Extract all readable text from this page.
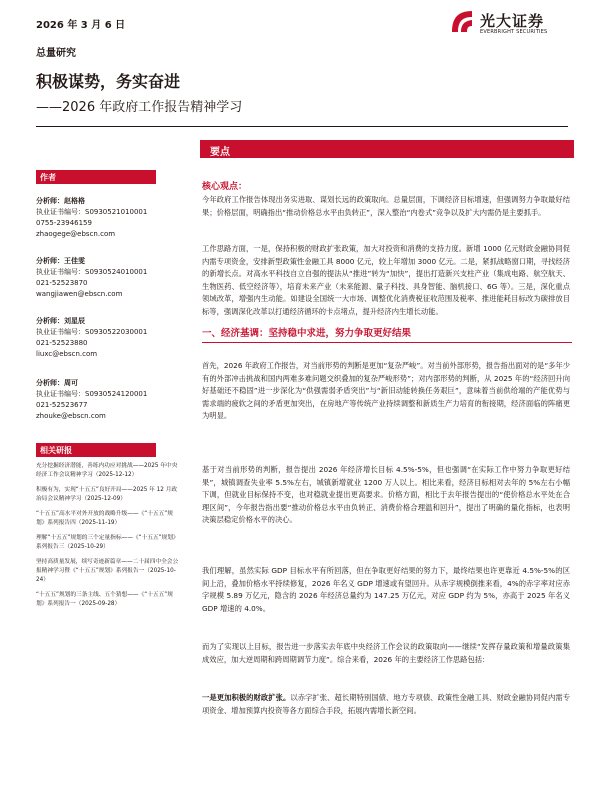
2026 年 3 月 6 日	光大证券
EVERBRIGHT SECURITIES
总量研究
积极谋势，务实奋进
——2026 年政府工作报告精神学习
要点
作者
分析师：赵格格
执业证书编号：S0930521010001
0755-23946159
zhaogege@ebscn.com
分析师：王佳雯
执业证书编号：S0930524010001
021-52523870
wangjiawen@ebscn.com
分析师：刘星辰
执业证书编号：S0930522030001
021-52523880
liuxc@ebscn.com
分析师：周可
执业证书编号：S0930524120001
021-52523677
zhouke@ebscn.com
相关研报
充分挖掘经济潜能，善练内功应对挑战——2025 年中央经济工作会议精神学习（2025-12-12）
积极有为，实现“十五五”良好开局——2025 年 12 月政治局会议精神学习（2025-12-09）
“十五五”高水平对外开放的战略升级——《“十五五”规划》系列报告四（2025-11-19）
理解“十五五”规划的三个定量指标——《“十五五”规划》系列报告三（2025-10-29）
坚持高质量发展，续写奇迹新篇章——二十届四中全会公报精神学习暨《“十五五”规划》系列报告一（2025-10-24）
“十五五”规划的三条主线、五个猜想——《“十五五”规划》系列报告一（2025-09-28）
核心观点：

今年政府工作报告体现出务实进取、谋划长远的政策取向。总量层面，下调经济目标增速，但强调努力争取最好结果；价格层面，明确指出“推动价格总水平由负转正”，深入整治“内卷式”竞争以及扩大内需仍是主要抓手。

工作思路方面，一是，保持积极的财政扩张政策，加大对投资和消费的支持力度。新增 1000 亿元财政金融协同促内需专项资金，安排新型政策性金融工具 8000 亿元，较上年增加 3000 亿元。二是，紧抓战略窗口期，寻找经济的新增长点。对高水平科技自立自强的提法从“推进”转为“加快”，提出打造新兴支柱产业（集成电路、航空航天、生物医药、低空经济等），培育未来产业（未来能源、量子科技、具身智能、脑机接口、6G 等）。三是，深化重点领域改革，增强内生动能。如建设全国统一大市场、调整优化消费税征收范围及税率、推进能耗目标改为碳排放目标等，强调深化改革以打通经济循环的卡点堵点，提升经济内生增长动能。

一、经济基调：坚持稳中求进，努力争取更好结果

首先，2026 年政府工作报告，对当前形势的判断是更加“复杂严峻”。对当前外部形势，报告指出面对的是“多年少有的外部冲击挑战和国内两难多难问题交织叠加的复杂严峻形势”；对内部形势的判断，从 2025 年的“经济回升向好基础还不稳固”进一步深化为“供强需弱矛盾突出”与“新旧动能转换任务艰巨”，意味着当前供给端的产能优势与需求端的疲软之间的矛盾更加突出，在房地产等传统产业持续调整和新质生产力培育的衔接期，经济面临的阵痛更为明显。

基于对当前形势的判断，报告提出 2026 年经济增长目标 4.5%-5%，但也强调“在实际工作中努力争取更好结果”，城镇调查失业率 5.5%左右，城镇新增就业 1200 万人以上。相比来看，经济目标相对去年的 5%左右小幅下调，但就业目标保持不变，也对稳就业提出更高要求。价格方面，相比于去年报告提出的“使价格总水平处在合理区间”，今年报告指出要“推动价格总水平由负转正、消费价格合理温和回升”，提出了明确的量化指标，也表明决策层稳定价格水平的决心。

我们理解，虽然实际 GDP 目标水平有所回落，但在争取更好结果的努力下，最终结果也许更靠近 4.5%-5%的区间上沿，叠加价格水平持续修复，2026 年名义 GDP 增速或有望回升。从赤字规模倒推来看，4%的赤字率对应赤字规模 5.89 万亿元，隐含的 2026 年经济总量约为 147.25 万亿元，对应 GDP 约为 5%，亦高于 2025 年名义 GDP 增速的 4.0%。

而为了实现以上目标，报告进一步落实去年底中央经济工作会议的政策取向——继续“发挥存量政策和增量政策集成效应，加大逆周期和跨周期调节力度”。综合来看，2026 年的主要经济工作思路包括：

一是更加积极的财政扩张。以赤字扩张、超长期特别国债、地方专项债、政策性金融工具、财政金融协同促内需专项资金、增加预算内投资等各方面综合手段，拓展内需增长新空间。
